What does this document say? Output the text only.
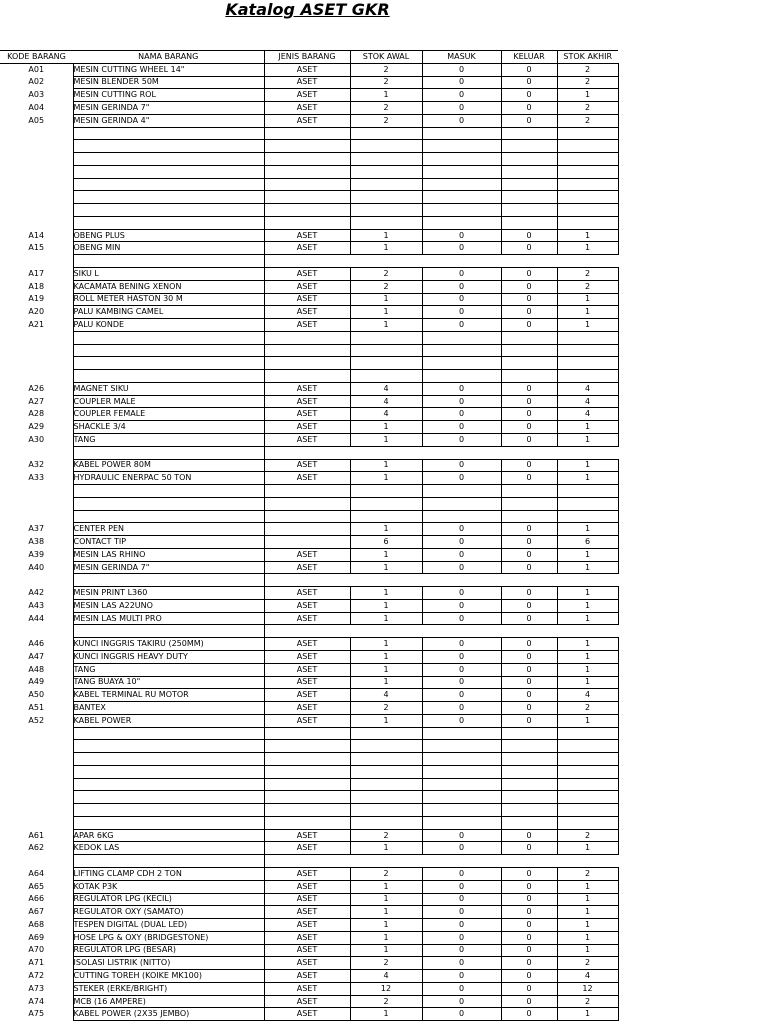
Katalog ASET GKR
KODE BARANG	NAMA BARANG	JENIS BARANG	STOK AWAL	MASUK	KELUAR	STOK AKHIR
A01	MESIN CUTTING WHEEL 14"	ASET	2	0	0	2
A02	MESIN BLENDER 50M	ASET	2	0	0	2
A03	MESIN CUTTING ROL	ASET	1	0	0	1
A04	MESIN GERINDA 7"	ASET	2	0	0	2
A05	MESIN GERINDA 4"	ASET	2	0	0	2

A14	OBENG PLUS	ASET	1	0	0	1
A15	OBENG MIN	ASET	1	0	0	1

A17	SIKU L	ASET	2	0	0	2
A18	KACAMATA BENING XENON	ASET	2	0	0	2
A19	ROLL METER HASTON 30 M	ASET	1	0	0	1
A20	PALU KAMBING CAMEL	ASET	1	0	0	1
A21	PALU KONDE	ASET	1	0	0	1

A26	MAGNET SIKU	ASET	4	0	0	4
A27	COUPLER MALE	ASET	4	0	0	4
A28	COUPLER FEMALE	ASET	4	0	0	4
A29	SHACKLE 3/4	ASET	1	0	0	1
A30	TANG	ASET	1	0	0	1

A32	KABEL POWER 80M	ASET	1	0	0	1
A33	HYDRAULIC ENERPAC 50 TON	ASET	1	0	0	1

A37	CENTER PEN		1	0	0	1
A38	CONTACT TIP		6	0	0	6
A39	MESIN LAS RHINO	ASET	1	0	0	1
A40	MESIN GERINDA 7"	ASET	1	0	0	1

A42	MESIN PRINT L360	ASET	1	0	0	1
A43	MESIN LAS A22UNO	ASET	1	0	0	1
A44	MESIN LAS MULTI PRO	ASET	1	0	0	1

A46	KUNCI INGGRIS TAKIRU (250MM)	ASET	1	0	0	1
A47	KUNCI INGGRIS HEAVY DUTY	ASET	1	0	0	1
A48	TANG	ASET	1	0	0	1
A49	TANG BUAYA 10"	ASET	1	0	0	1
A50	KABEL TERMINAL RU MOTOR	ASET	4	0	0	4
A51	BANTEX	ASET	2	0	0	2
A52	KABEL POWER	ASET	1	0	0	1

A61	APAR 6KG	ASET	2	0	0	2
A62	KEDOK LAS	ASET	1	0	0	1

A64	LIFTING CLAMP CDH 2 TON	ASET	2	0	0	2
A65	KOTAK P3K	ASET	1	0	0	1
A66	REGULATOR LPG (KECIL)	ASET	1	0	0	1
A67	REGULATOR OXY (SAMATO)	ASET	1	0	0	1
A68	TESPEN DIGITAL (DUAL LED)	ASET	1	0	0	1
A69	HOSE LPG & OXY (BRIDGESTONE)	ASET	1	0	0	1
A70	REGULATOR LPG (BESAR)	ASET	1	0	0	1
A71	ISOLASI LISTRIK (NITTO)	ASET	2	0	0	2
A72	CUTTING TOREH (KOIKE MK100)	ASET	4	0	0	4
A73	STEKER (ERKE/BRIGHT)	ASET	12	0	0	12
A74	MCB (16 AMPERE)	ASET	2	0	0	2
A75	KABEL POWER (2X35 JEMBO)	ASET	1	0	0	1
